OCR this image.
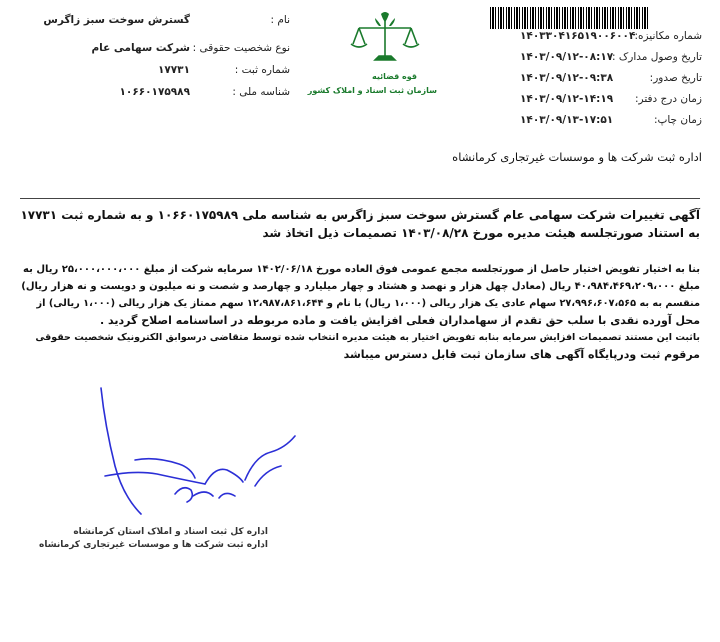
شماره مکانیزه:
۱۴۰۳۳۰۴۱۶۵۱۹۰۰۶۰۰۴
تاریخ وصول مدارک :
۱۴۰۳/۰۹/۱۲-۰۸:۱۷
تاریخ صدور:
۱۴۰۳/۰۹/۱۲-۰۹:۳۸
زمان درج دفتر:
۱۴۰۳/۰۹/۱۲-۱۴:۱۹
زمان چاپ:
۱۴۰۳/۰۹/۱۳-۱۷:۵۱
قوه قضائیه
سازمان ثبت اسناد و املاک کشور
نام :
گسترش سوخت سبز زاگرس
نوع شخصیت حقوقی :
شرکت سهامی عام
شماره ثبت :
۱۷۷۳۱
شناسه ملی :
۱۰۶۶۰۱۷۵۹۸۹
اداره ثبت شرکت ها و موسسات غیرتجاری کرمانشاه
آگهی تغییرات شرکت سهامی عام گسترش سوخت سبز زاگرس به شناسه ملی ۱۰۶۶۰۱۷۵۹۸۹ و به شماره ثبت ۱۷۷۳۱
به استناد صورتجلسه هیئت مدیره مورخ ۱۴۰۳/۰۸/۲۸ تصمیمات ذیل اتخاذ شد
بنا به اختیار تفویض اختیار حاصل از صورتجلسه مجمع عمومی فوق العاده مورخ ۱۴۰۲/۰۶/۱۸ سرمایه شرکت از مبلغ ۲۵،۰۰۰،۰۰۰،۰۰۰ ریال به
مبلغ ۴۰،۹۸۴،۴۶۹،۲۰۹،۰۰۰ ریال (معادل چهل هزار و نهصد و هشتاد و چهار میلیارد و چهارصد و شصت و نه میلیون و دویست و نه هزار ریال)
منقسم به به ۲۷،۹۹۶،۶۰۷،۵۶۵ سهام عادی یک هزار ریالی (۱،۰۰۰ ریال) با نام و ۱۲،۹۸۷،۸۶۱،۶۴۴ سهم ممتاز یک هزار ریالی (۱،۰۰۰ ریالی) از
محل آورده نقدی با سلب حق تقدم از سهامداران فعلی افزایش یافت و ماده مربوطه در اساسنامه اصلاح گردید .
باثبت این مستند تصمیمات افزایش سرمایه بنابه تفویض اختیار به هیئت مدیره انتخاب شده توسط متقاضی درسوابق الکترونیک شخصیت حقوقی
مرقوم ثبت ودرپایگاه آگهی های سازمان ثبت قابل دسترس میباشد
اداره کل ثبت اسناد و املاک استان کرمانشاه
اداره ثبت شرکت ها و موسسات غیرتجاری کرمانشاه
